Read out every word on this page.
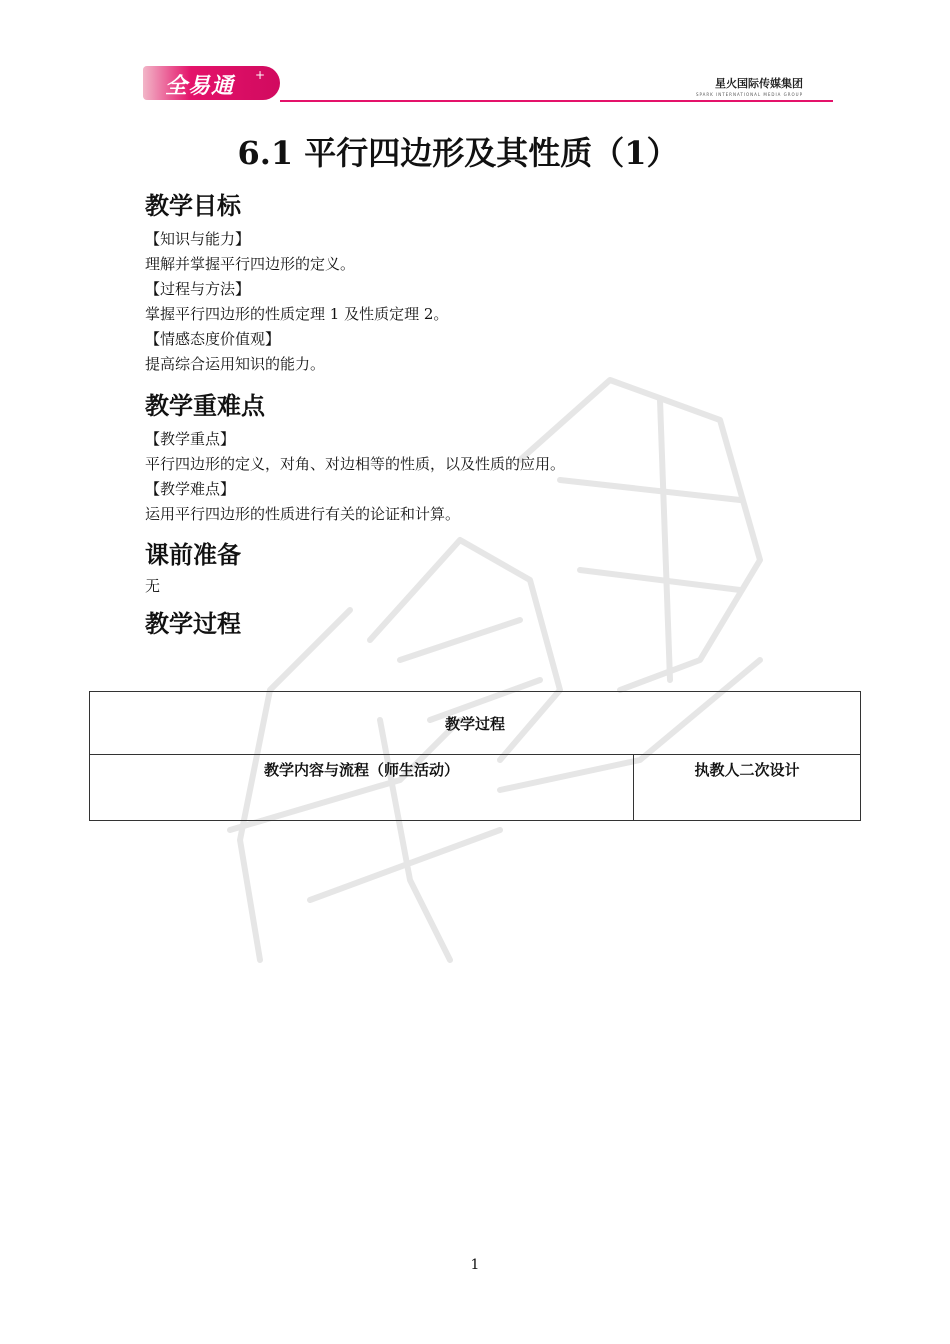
全易通 +
星火国际传媒集团
SPARK INTERNATIONAL MEDIA GROUP
6.1 平行四边形及其性质（1）
教学目标
【知识与能力】
理解并掌握平行四边形的定义。
【过程与方法】
掌握平行四边形的性质定理 1 及性质定理 2。
【情感态度价值观】
提高综合运用知识的能力。
教学重难点
【教学重点】
平行四边形的定义，对角、对边相等的性质，以及性质的应用。
【教学难点】
运用平行四边形的性质进行有关的论证和计算。
课前准备
无
教学过程
教学过程
教学内容与流程（师生活动）	执教人二次设计
1
